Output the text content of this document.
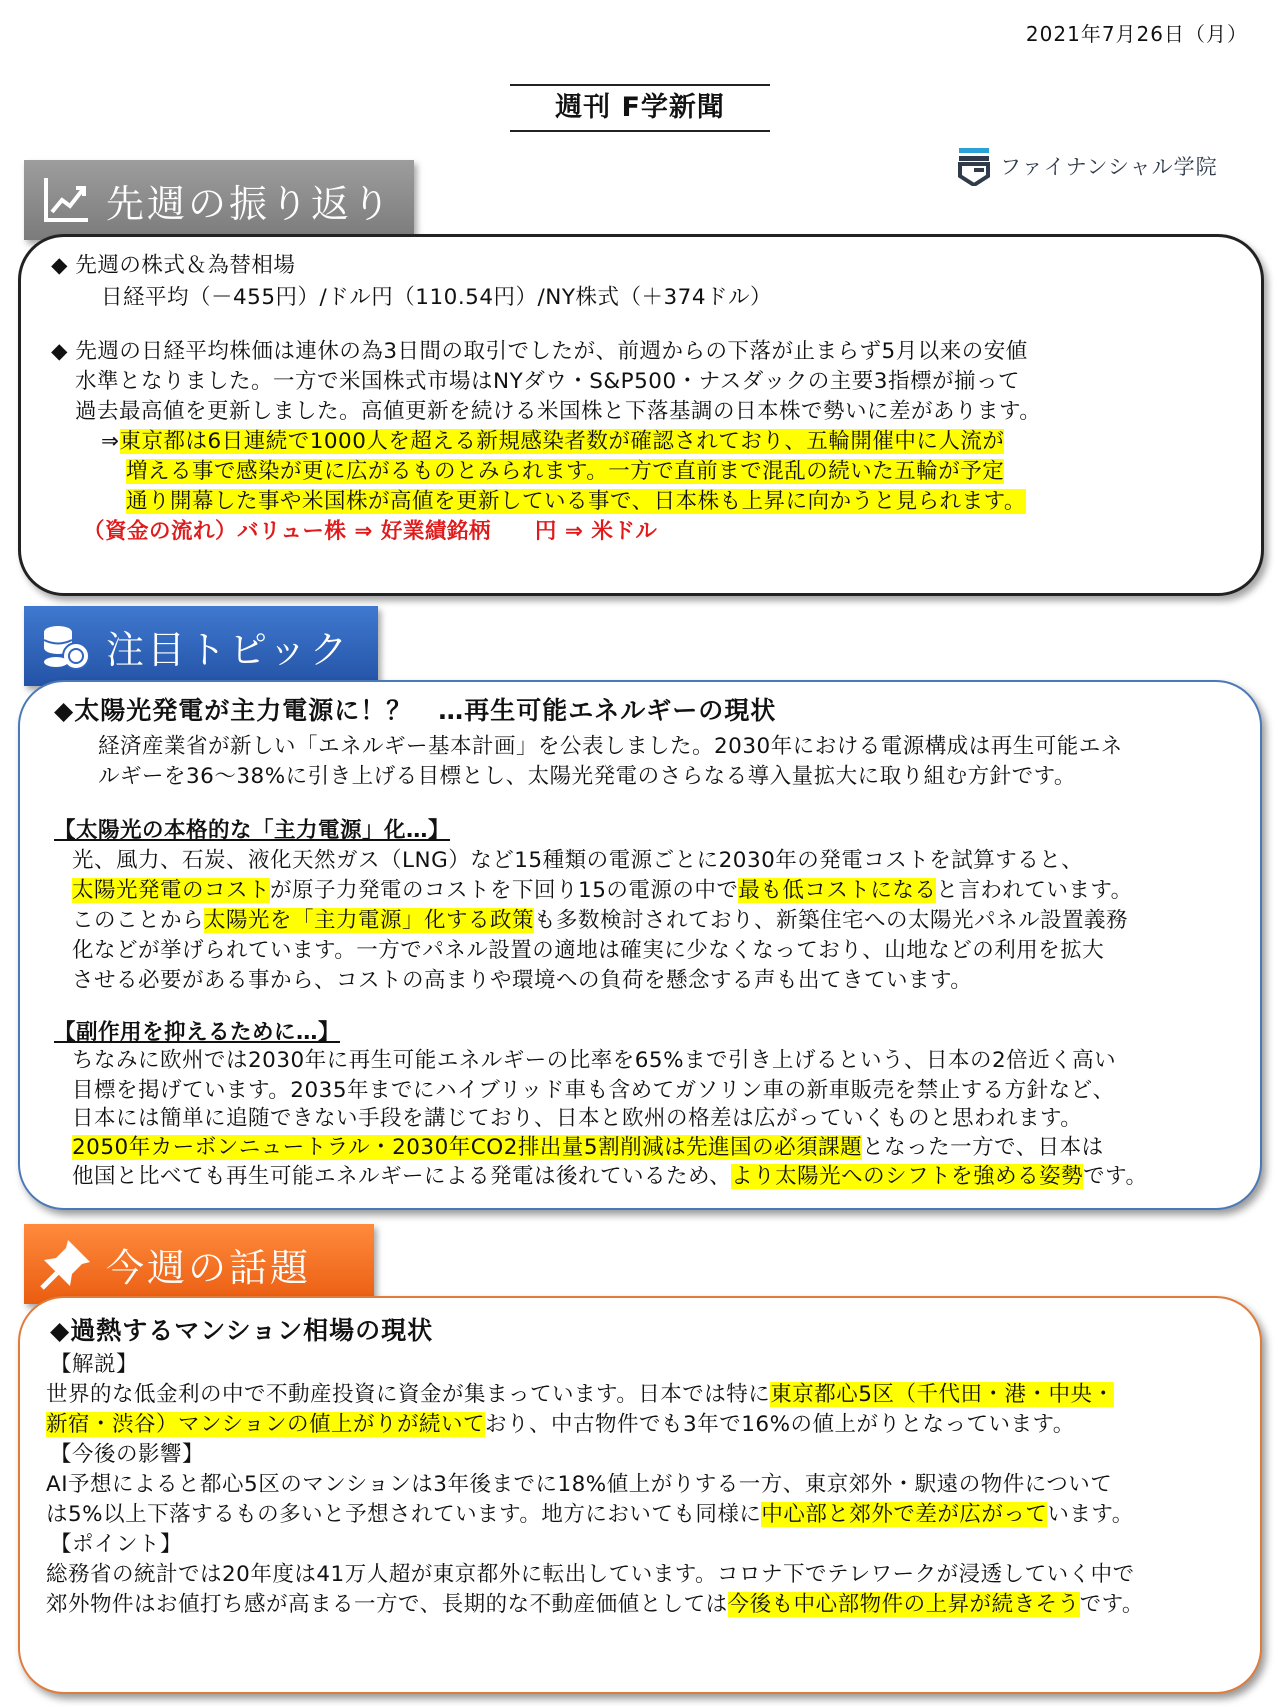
2021年7月26日（月）
週刊 F学新聞
ファイナンシャル学院
先週の振り返り
◆ 先週の株式＆為替相場
日経平均（－455円）/ドル円（110.54円）/NY株式（＋374ドル）
◆ 先週の日経平均株価は連休の為3日間の取引でしたが、前週からの下落が止まらず5月以来の安値
水準となりました。一方で米国株式市場はNYダウ・S&P500・ナスダックの主要3指標が揃って
過去最高値を更新しました。高値更新を続ける米国株と下落基調の日本株で勢いに差があります。
⇒東京都は6日連続で1000人を超える新規感染者数が確認されており、五輪開催中に人流が
増える事で感染が更に広がるものとみられます。一方で直前まで混乱の続いた五輪が予定
通り開幕した事や米国株が高値を更新している事で、日本株も上昇に向かうと見られます。
（資金の流れ）バリュー株 ⇒ 好業績銘柄　　円 ⇒ 米ドル
注目トピック
◆太陽光発電が主力電源に！？　…再生可能エネルギーの現状
経済産業省が新しい「エネルギー基本計画」を公表しました。2030年における電源構成は再生可能エネ
ルギーを36～38%に引き上げる目標とし、太陽光発電のさらなる導入量拡大に取り組む方針です。
【太陽光の本格的な「主力電源」化…】
光、風力、石炭、液化天然ガス（LNG）など15種類の電源ごとに2030年の発電コストを試算すると、
太陽光発電のコストが原子力発電のコストを下回り15の電源の中で最も低コストになると言われています。
このことから太陽光を「主力電源」化する政策も多数検討されており、新築住宅への太陽光パネル設置義務
化などが挙げられています。一方でパネル設置の適地は確実に少なくなっており、山地などの利用を拡大
させる必要がある事から、コストの高まりや環境への負荷を懸念する声も出てきています。
【副作用を抑えるために…】
ちなみに欧州では2030年に再生可能エネルギーの比率を65%まで引き上げるという、日本の2倍近く高い
目標を掲げています。2035年までにハイブリッド車も含めてガソリン車の新車販売を禁止する方針など、
日本には簡単に追随できない手段を講じており、日本と欧州の格差は広がっていくものと思われます。
2050年カーボンニュートラル・2030年CO2排出量5割削減は先進国の必須課題となった一方で、日本は
他国と比べても再生可能エネルギーによる発電は後れているため、より太陽光へのシフトを強める姿勢です。
今週の話題
◆過熱するマンション相場の現状
【解説】
世界的な低金利の中で不動産投資に資金が集まっています。日本では特に東京都心5区（千代田・港・中央・
新宿・渋谷）マンションの値上がりが続いており、中古物件でも3年で16%の値上がりとなっています。
【今後の影響】
AI予想によると都心5区のマンションは3年後までに18%値上がりする一方、東京郊外・駅遠の物件について
は5%以上下落するもの多いと予想されています。地方においても同様に中心部と郊外で差が広がっています。
【ポイント】
総務省の統計では20年度は41万人超が東京都外に転出しています。コロナ下でテレワークが浸透していく中で
郊外物件はお値打ち感が高まる一方で、長期的な不動産価値としては今後も中心部物件の上昇が続きそうです。
